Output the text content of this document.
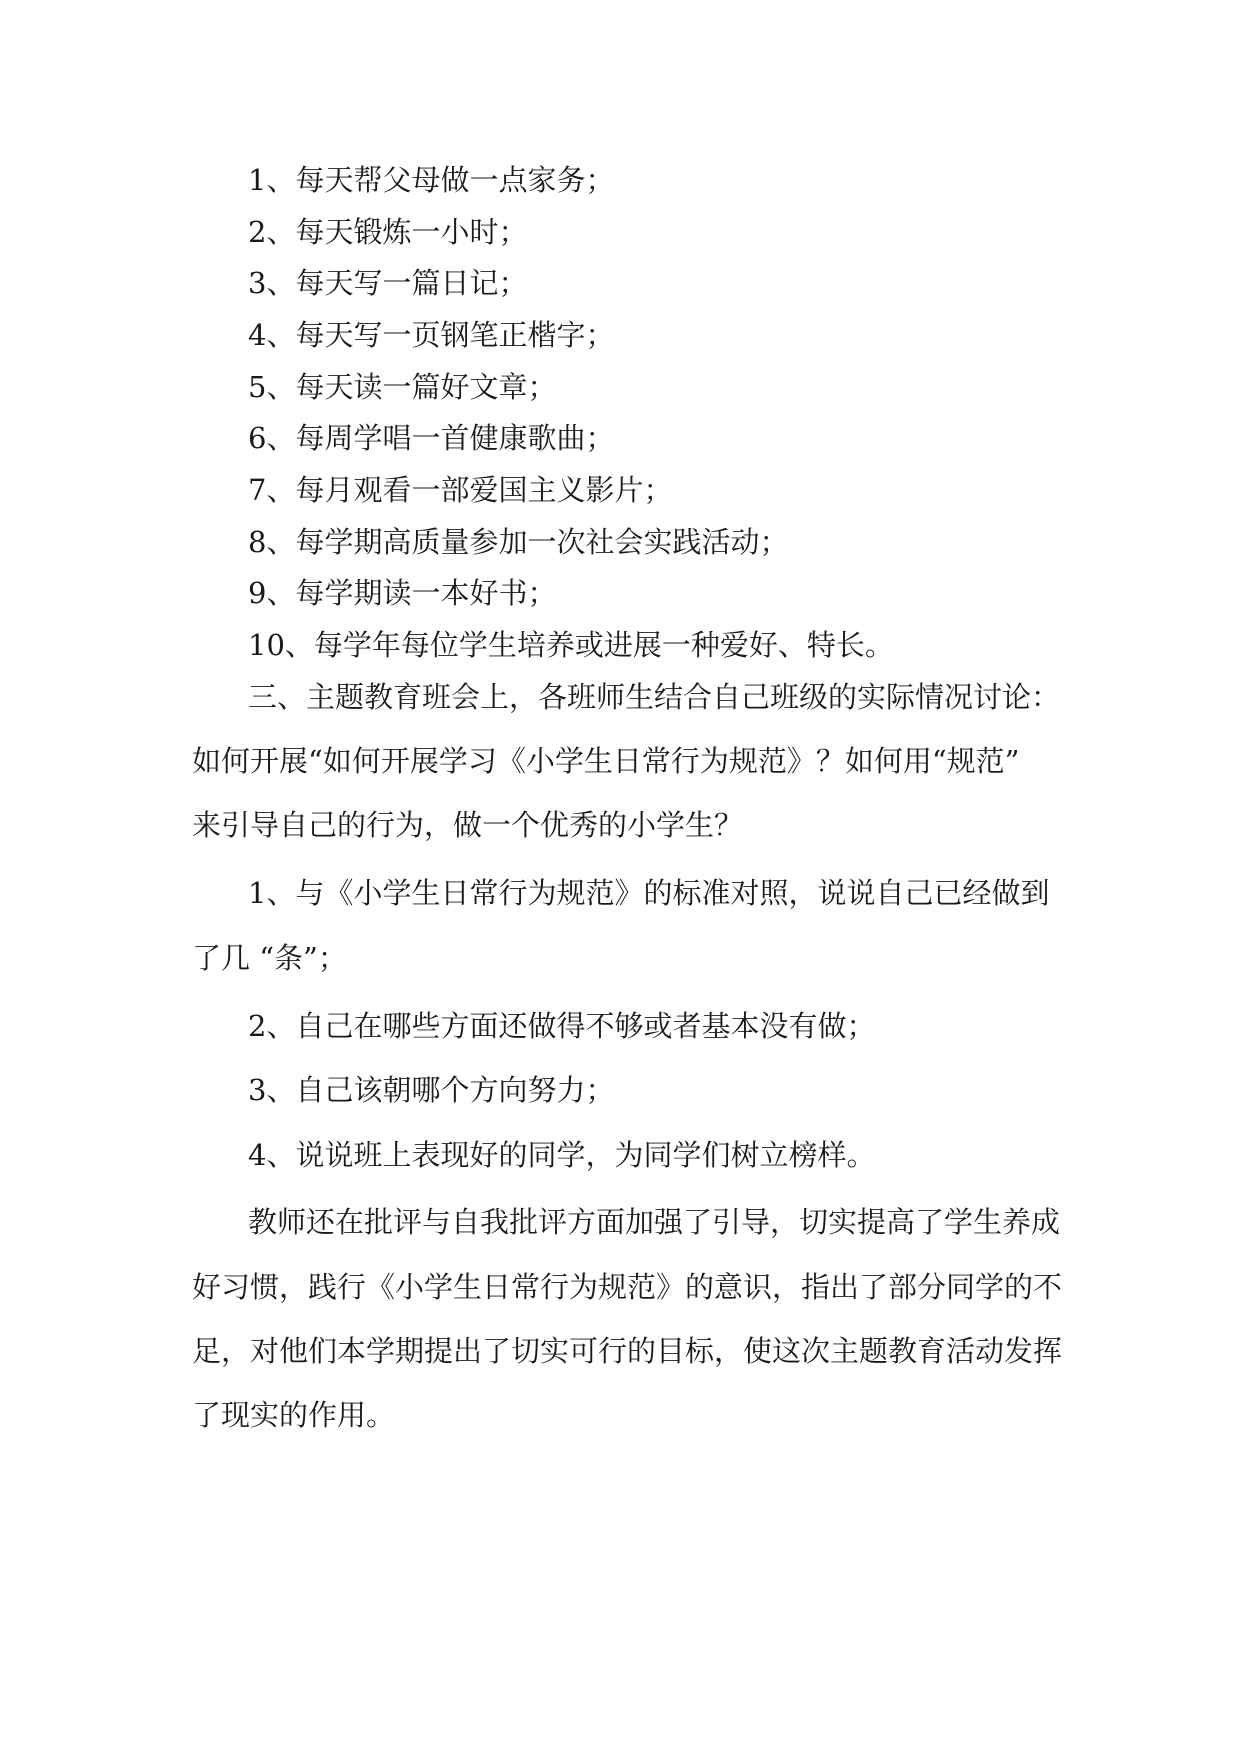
1、每天帮父母做一点家务；

2、每天锻炼一小时；

3、每天写一篇日记；

4、每天写一页钢笔正楷字；

5、每天读一篇好文章；

6、每周学唱一首健康歌曲；

7、每月观看一部爱国主义影片；

8、每学期高质量参加一次社会实践活动；

9、每学期读一本好书；

10、每学年每位学生培养或进展一种爱好、特长。

三、主题教育班会上，各班师生结合自己班级的实际情况讨论：

如何开展“如何开展学习《小学生日常行为规范》？如何用“规范”

来引导自己的行为，做一个优秀的小学生？

1、与《小学生日常行为规范》的标准对照，说说自己已经做到

了几 “条”；

2、自己在哪些方面还做得不够或者基本没有做；

3、自己该朝哪个方向努力；

4、说说班上表现好的同学，为同学们树立榜样。

教师还在批评与自我批评方面加强了引导，切实提高了学生养成

好习惯，践行《小学生日常行为规范》的意识，指出了部分同学的不

足，对他们本学期提出了切实可行的目标，使这次主题教育活动发挥

了现实的作用。
